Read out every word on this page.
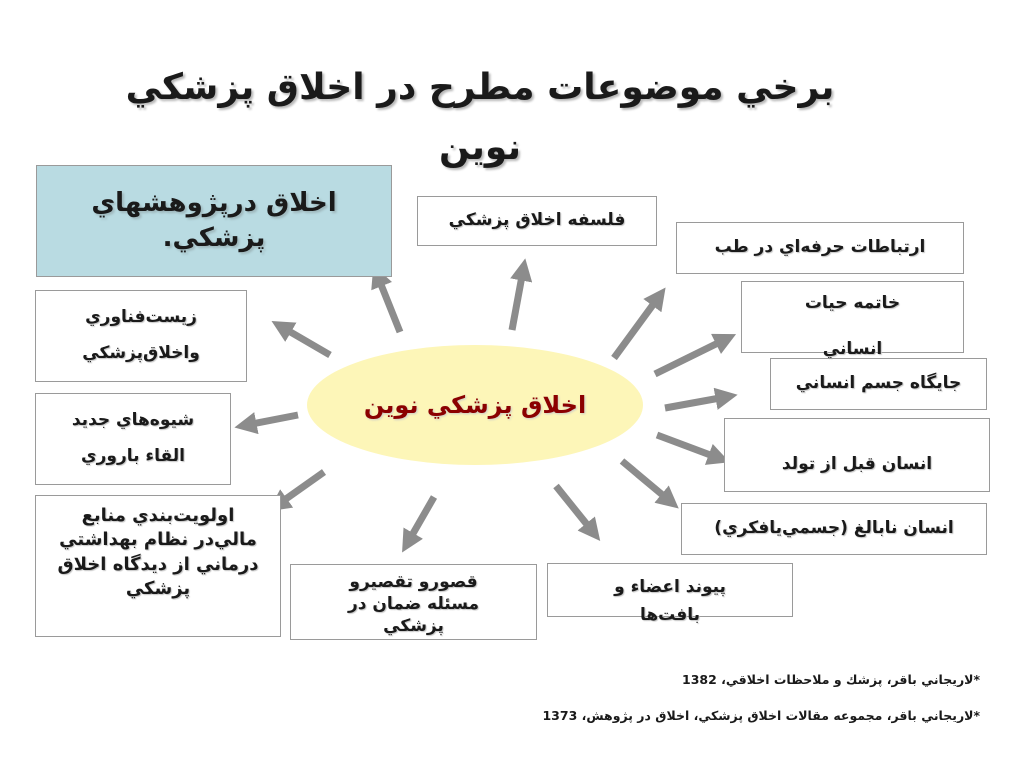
برخي موضوعات مطرح در اخلاق پزشكي نوين
اخلاق پزشكي نوين
اخلاق درپژوهشهاي
پزشكي.
فلسفه اخلاق پزشكي
ارتباطات حرفه‌اي در طب
خاتمه حيات
انساني
جايگاه جسم انساني
انسان قبل از تولد
انسان نابالغ (جسمي‌يافكري)
پيوند اعضاء و
بافت‌ها
قصورو تقصيرو
مسئله ضمان در
پزشكي
اولويت‌بندي منابع
مالي‌در نظام بهداشتي
درماني از ديدگاه اخلاق
پزشكي
شيوه‌هاي جديد
القاء باروري
زيست‌فناوري
واخلاق‌پزشكي
*لاريجاني باقر، پزشك و ملاحظات اخلاقي، 1382
*لاريجاني باقر، مجموعه مقالات اخلاق پزشكي، اخلاق در پژوهش، 1373
